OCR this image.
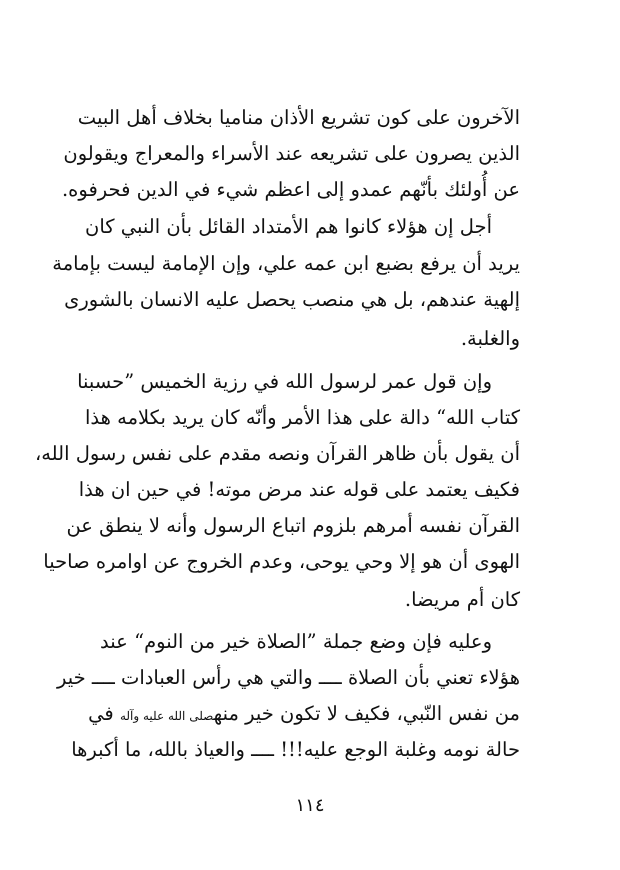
الآخرون على كون تشريع الأذان مناميا بخلاف أهل البيت
الذين يصرون على تشريعه عند الأسراء والمعراج ويقولون
عن أُولئك بأنّهم عمدو إلى اعظم شيء في الدين فحرفوه.
أجل إن هؤلاء كانوا هم الأمتداد القائل بأن النبي كان
يريد أن يرفع بضبع ابن عمه علي، وإن الإمامة ليست بإمامة
إلهية عندهم، بل هي منصب يحصل عليه الانسان بالشورى
والغلبة.
وإن قول عمر لرسول الله في رزية الخميس ”حسبنا
كتاب الله“ دالة على هذا الأمر وأنّه كان يريد بكلامه هذا
أن يقول بأن ظاهر القرآن ونصه مقدم على نفس رسول الله،
فكيف يعتمد على قوله عند مرض موته! في حين ان هذا
القرآن نفسه أمرهم بلزوم اتباع الرسول وأنه لا ينطق عن
الهوى أن هو إلا وحي يوحى، وعدم الخروج عن اوامره صاحيا
كان أم مريضا.
وعليه فإن وضع جملة ”الصلاة خير من النوم“ عند
هؤلاء تعني بأن الصلاة ــــ والتي هي رأس العبادات ــــ خير
من نفس النّبي، فكيف لا تكون خير منهصلى الله عليه وآله في
حالة نومه وغلبة الوجع عليه!!! ــــ والعياذ بالله، ما أكبرها
١١٤
